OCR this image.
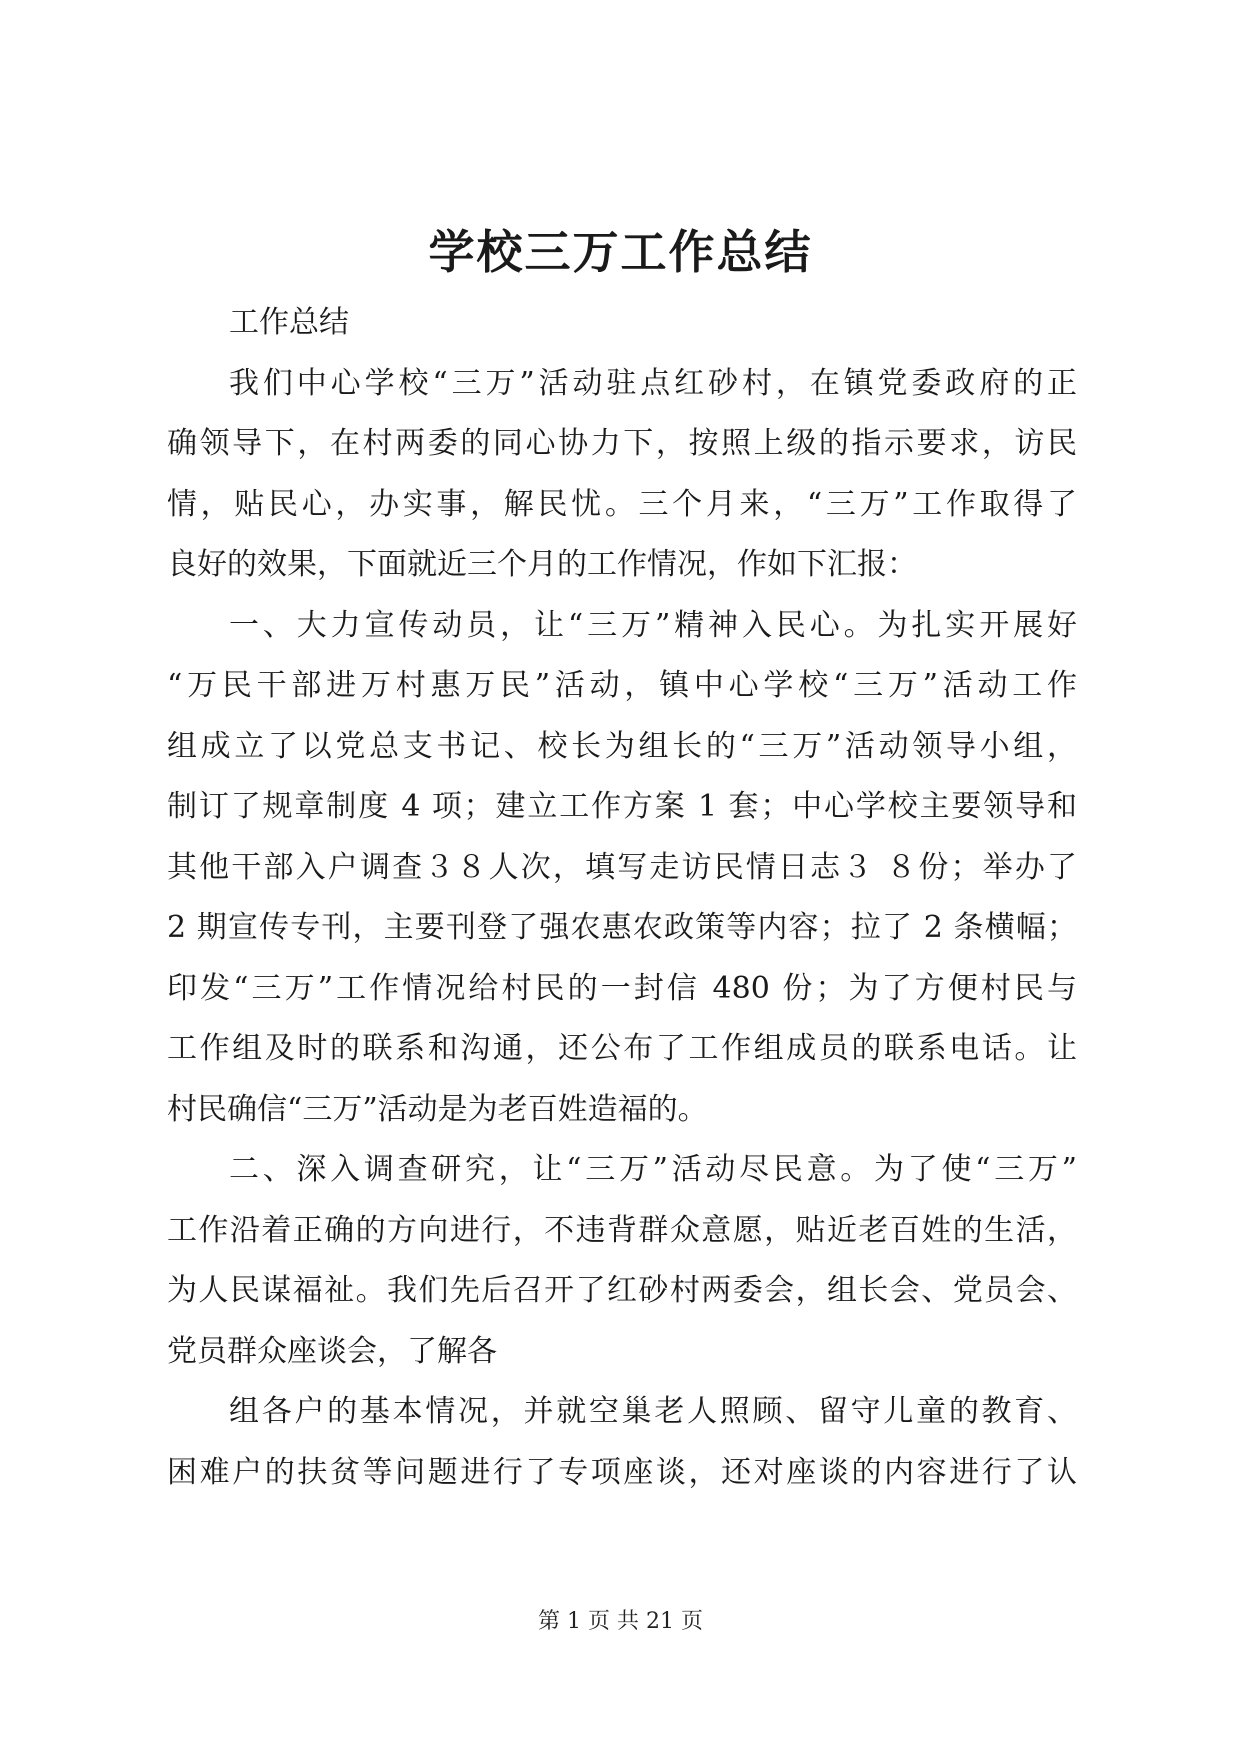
学校三万工作总结
工作总结
我们中心学校“三万”活动驻点红砂村，在镇党委政府的正
确领导下，在村两委的同心协力下，按照上级的指示要求，访民
情，贴民心，办实事，解民忧。三个月来，“三万”工作取得了
良好的效果，下面就近三个月的工作情况，作如下汇报：
一、大力宣传动员，让“三万”精神入民心。为扎实开展好
“万民干部进万村惠万民”活动，镇中心学校“三万”活动工作
组成立了以党总支书记、校长为组长的“三万”活动领导小组，
制订了规章制度 4 项；建立工作方案 1 套；中心学校主要领导和
其他干部入户调查３８人次，填写走访民情日志３ ８份；举办了
2 期宣传专刊，主要刊登了强农惠农政策等内容；拉了 2 条横幅；
印发“三万”工作情况给村民的一封信 480 份；为了方便村民与
工作组及时的联系和沟通，还公布了工作组成员的联系电话。让
村民确信“三万”活动是为老百姓造福的。
二、深入调查研究，让“三万”活动尽民意。为了使“三万”
工作沿着正确的方向进行，不违背群众意愿，贴近老百姓的生活，
为人民谋福祉。我们先后召开了红砂村两委会，组长会、党员会、
党员群众座谈会，了解各
组各户的基本情况，并就空巢老人照顾、留守儿童的教育、
困难户的扶贫等问题进行了专项座谈，还对座谈的内容进行了认
第 1 页 共 21 页
